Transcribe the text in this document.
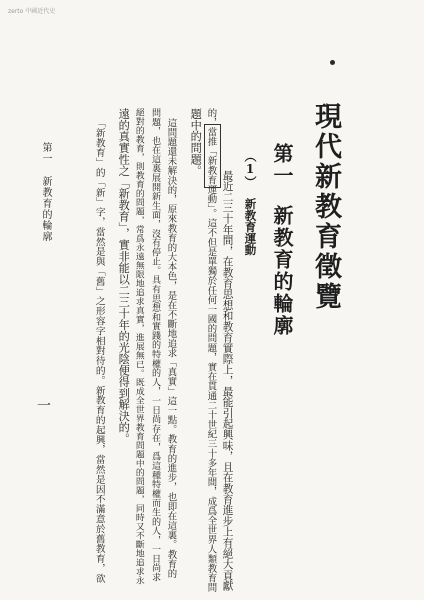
zerto 中國近代史

現代新教育徵覽

第一

新教育的輪廓

（1）

新教育運動

最近二三十年間，在教育思想和教育實際上，最能引起興味，且在教育進步上有絕大貢獻

的，當推「新教育運動」。這不但是單獨於任何一國的問題，實在貫通二十世紀三十多年間，成爲全世界人類教育問

題中的問題。

這問題還未解決的，原來教育的大本色，是在不斷地追求「真實」這一點。教育的進步，也即在這裏。教育的

問題，也在這裏展開新生面，沒有停止。具有思想和實踐的特權的人，一日尚存在，爲這種特權而生的人，一日尚求

絕對的教育，則教育的問題，常爲永遠無限地追求真實，進展無已。既成全世界教育問題中的問題，同時又不斷地追求永

遠的真實性之「新教育」，實非能以二三十年的光陰便得到解決的。

「新教育」的「新」字，當然是與「舊」之形容字相對待的。新教育的起興，當然是因不滿意於舊教育，欲

第一 新教育的輪廓

一
